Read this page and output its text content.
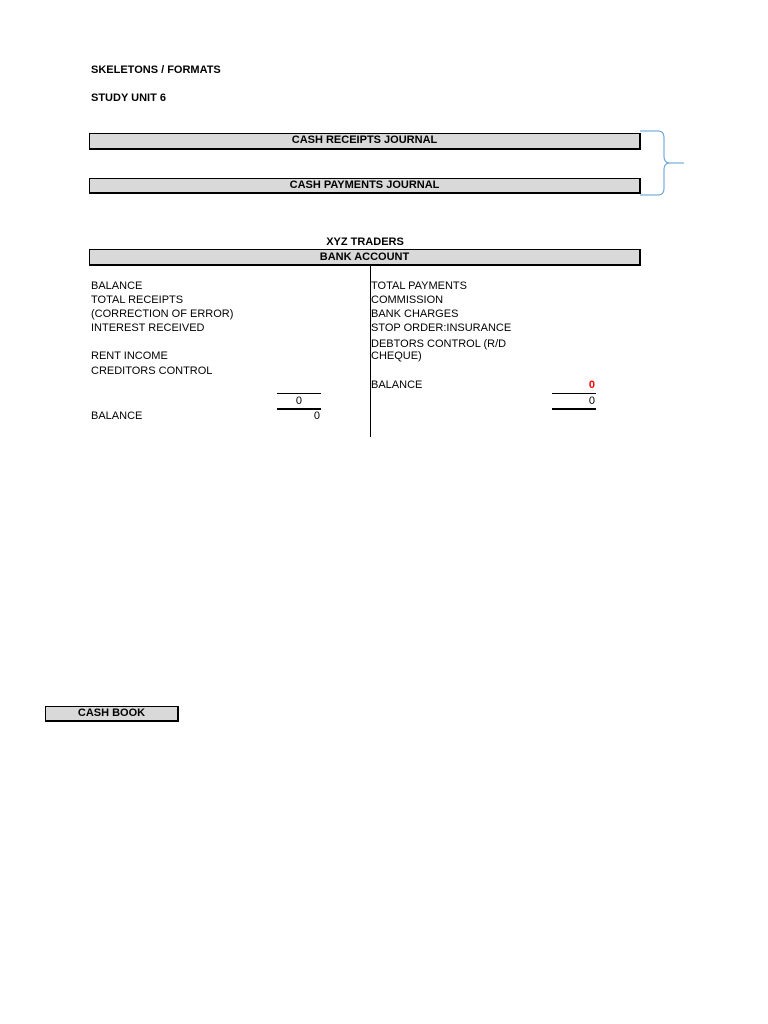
SKELETONS / FORMATS
STUDY UNIT 6
CASH RECEIPTS JOURNAL
CASH PAYMENTS JOURNAL
XYZ TRADERS
BANK ACCOUNT
BALANCE
TOTAL RECEIPTS
(CORRECTION OF ERROR)
INTEREST RECEIVED
RENT INCOME
CREDITORS CONTROL
0
BALANCE	0
TOTAL PAYMENTS
COMMISSION
BANK CHARGES
STOP ORDER:INSURANCE
DEBTORS CONTROL (R/D
CHEQUE)
BALANCE	0
0
CASH BOOK
